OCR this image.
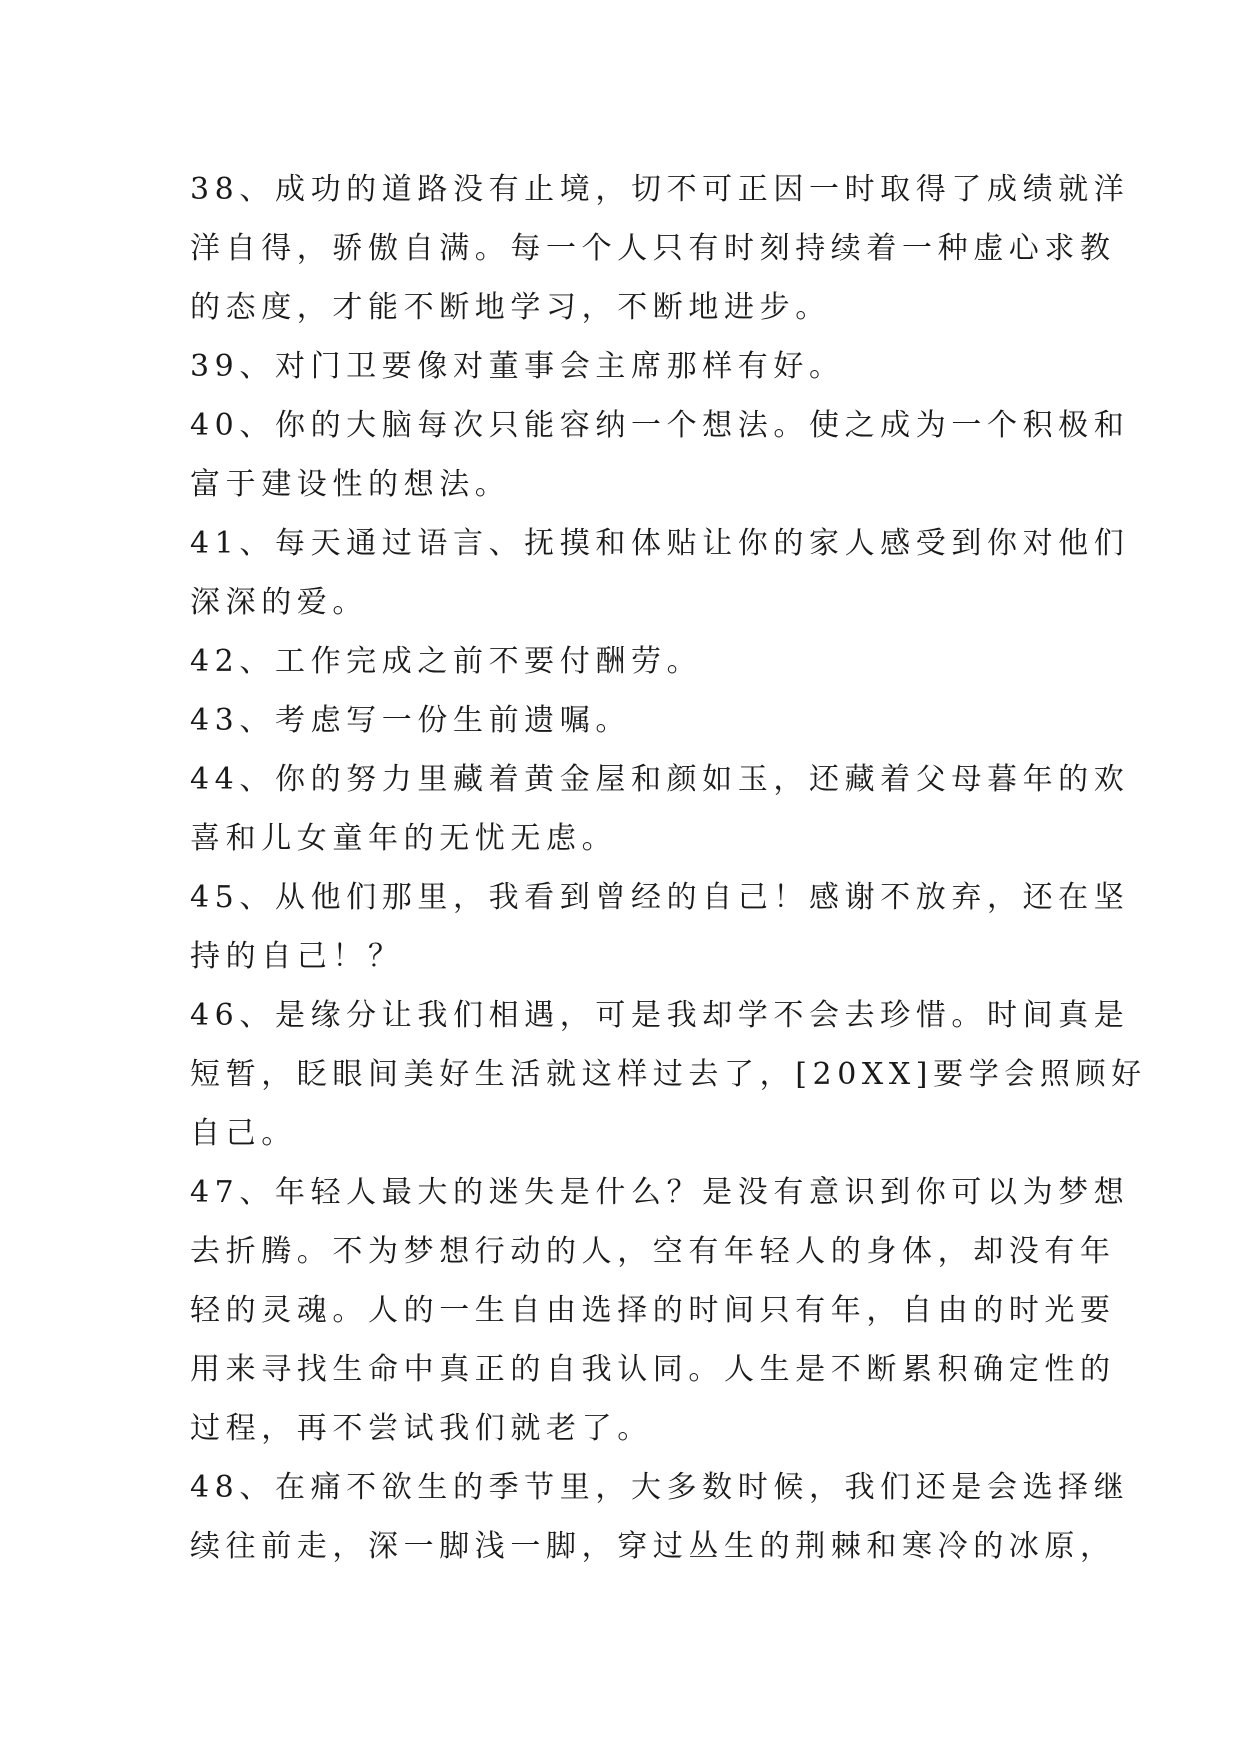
38、成功的道路没有止境，切不可正因一时取得了成绩就洋
洋自得，骄傲自满。每一个人只有时刻持续着一种虚心求教
的态度，才能不断地学习，不断地进步。
39、对门卫要像对董事会主席那样有好。
40、你的大脑每次只能容纳一个想法。使之成为一个积极和
富于建设性的想法。
41、每天通过语言、抚摸和体贴让你的家人感受到你对他们
深深的爱。
42、工作完成之前不要付酬劳。
43、考虑写一份生前遗嘱。
44、你的努力里藏着黄金屋和颜如玉，还藏着父母暮年的欢
喜和儿女童年的无忧无虑。
45、从他们那里，我看到曾经的自己！感谢不放弃，还在坚
持的自己！？
46、是缘分让我们相遇，可是我却学不会去珍惜。时间真是
短暂，眨眼间美好生活就这样过去了，[20XX]要学会照顾好
自己。
47、年轻人最大的迷失是什么？是没有意识到你可以为梦想
去折腾。不为梦想行动的人，空有年轻人的身体，却没有年
轻的灵魂。人的一生自由选择的时间只有年，自由的时光要
用来寻找生命中真正的自我认同。人生是不断累积确定性的
过程，再不尝试我们就老了。
48、在痛不欲生的季节里，大多数时候，我们还是会选择继
续往前走，深一脚浅一脚，穿过丛生的荆棘和寒冷的冰原，
